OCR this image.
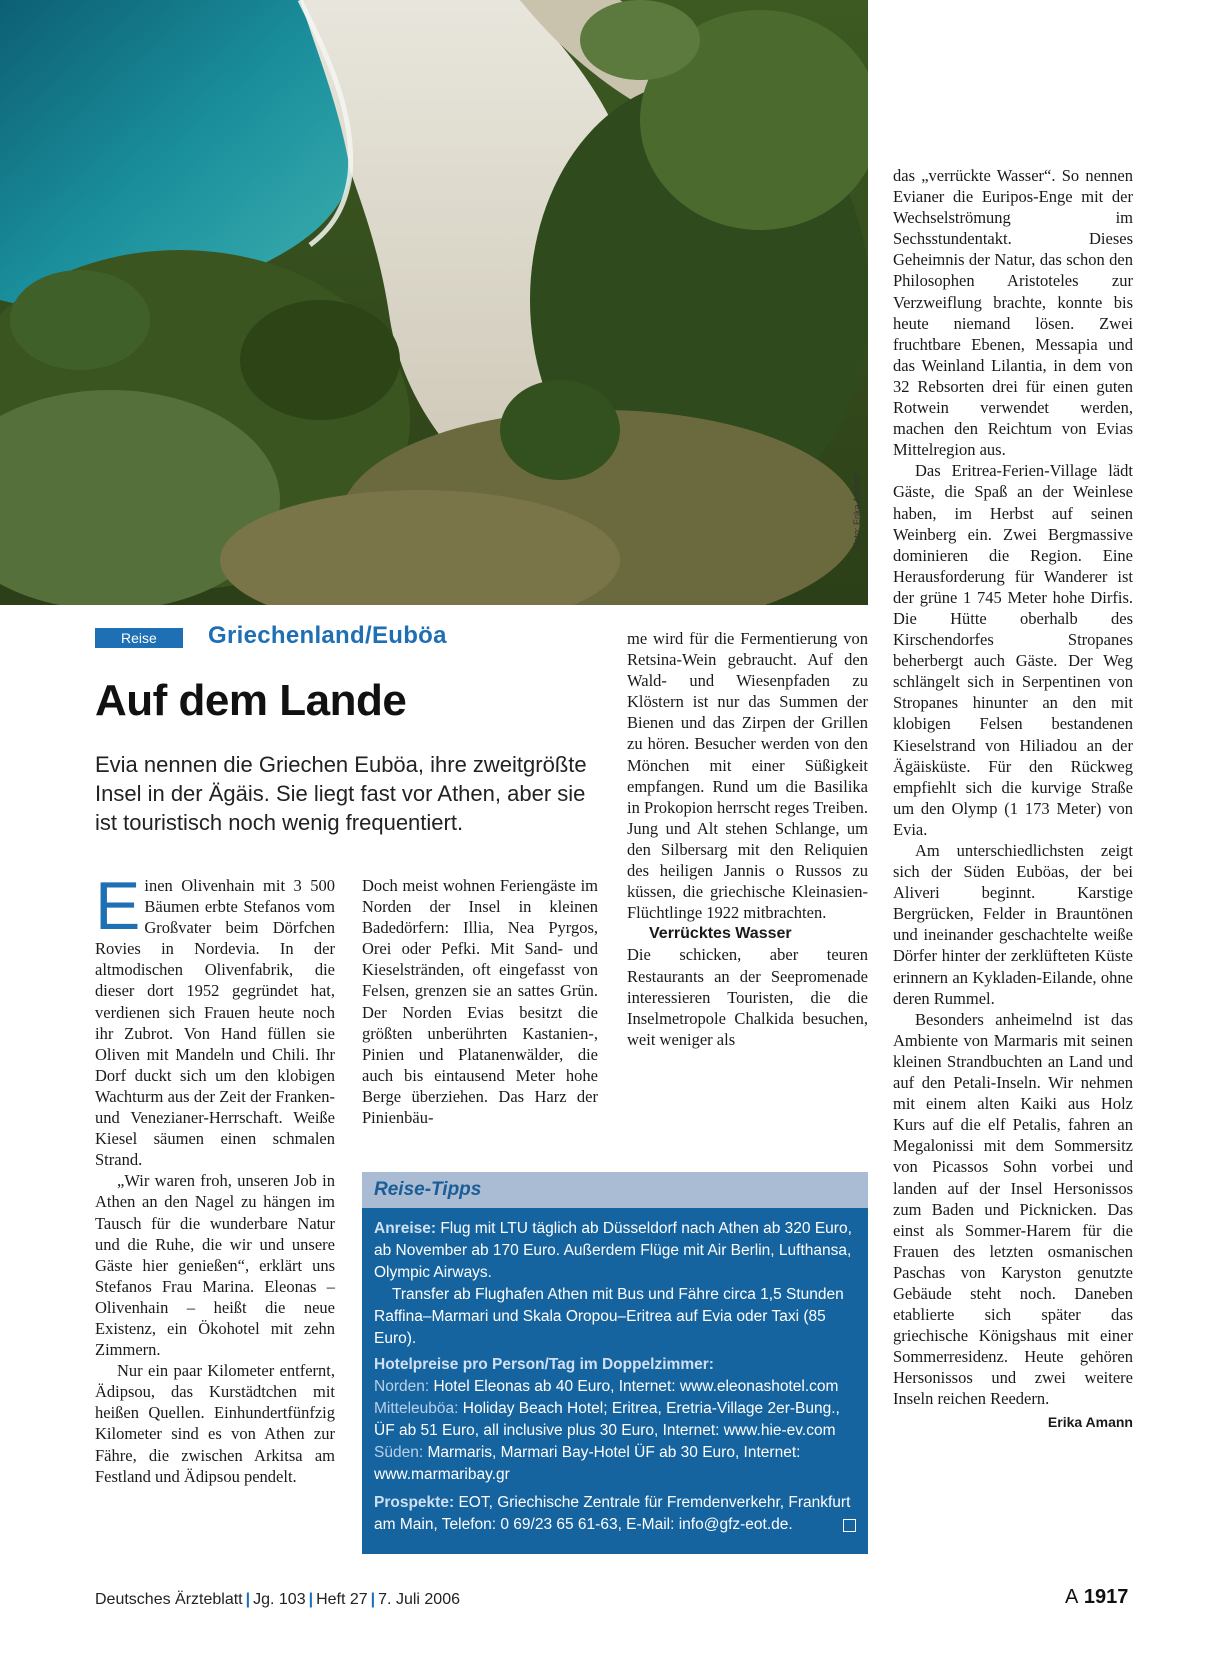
Foto: Erika Amann
Reise	Griechenland/Euböa
Auf dem Lande
Evia nennen die Griechen Euböa, ihre zweitgrößte Insel in der Ägäis. Sie liegt fast vor Athen, aber sie ist touristisch noch wenig frequentiert.

Einen Olivenhain mit 3 500 Bäumen erbte Stefanos vom Großvater beim Dörfchen Rovies in Nordevia. In der altmodischen Olivenfabrik, die dieser dort 1952 gegründet hat, verdienen sich Frauen heute noch ihr Zubrot. Von Hand füllen sie Oliven mit Mandeln und Chili. Ihr Dorf duckt sich um den klobigen Wachturm aus der Zeit der Franken- und Venezianer-Herrschaft. Weiße Kiesel säumen einen schmalen Strand.

„Wir waren froh, unseren Job in Athen an den Nagel zu hängen im Tausch für die wunderbare Natur und die Ruhe, die wir und unsere Gäste hier genießen“, erklärt uns Stefanos Frau Marina. Eleonas – Olivenhain – heißt die neue Existenz, ein Ökohotel mit zehn Zimmern.

Nur ein paar Kilometer entfernt, Ädipsou, das Kurstädtchen mit heißen Quellen. Einhundertfünfzig Kilometer sind es von Athen zur Fähre, die zwischen Arkitsa am Festland und Ädipsou pendelt.

Doch meist wohnen Feriengäste im Norden der Insel in kleinen Badedörfern: Illia, Nea Pyrgos, Orei oder Pefki. Mit Sand- und Kieselstränden, oft eingefasst von Felsen, grenzen sie an sattes Grün. Der Norden Evias besitzt die größten unberührten Kastanien-, Pinien und Platanenwälder, die auch bis eintausend Meter hohe Berge überziehen. Das Harz der Pinienbäu-

me wird für die Fermentierung von Retsina-Wein gebraucht. Auf den Wald- und Wiesenpfaden zu Klöstern ist nur das Summen der Bienen und das Zirpen der Grillen zu hören. Besucher werden von den Mönchen mit einer Süßigkeit empfangen. Rund um die Basilika in Prokopion herrscht reges Treiben. Jung und Alt stehen Schlange, um den Silbersarg mit den Reliquien des heiligen Jannis o Russos zu küssen, die griechische Kleinasien-Flüchtlinge 1922 mitbrachten.

Verrücktes Wasser

Die schicken, aber teuren Restaurants an der Seepromenade interessieren Touristen, die die Inselmetropole Chalkida besuchen, weit weniger als

das „verrückte Wasser“. So nennen Evianer die Euripos-Enge mit der Wechselströmung im Sechsstundentakt. Dieses Geheimnis der Natur, das schon den Philosophen Aristoteles zur Verzweiflung brachte, konnte bis heute niemand lösen. Zwei fruchtbare Ebenen, Messapia und das Weinland Lilantia, in dem von 32 Rebsorten drei für einen guten Rotwein verwendet werden, machen den Reichtum von Evias Mittelregion aus.

Das Eritrea-Ferien-Village lädt Gäste, die Spaß an der Weinlese haben, im Herbst auf seinen Weinberg ein. Zwei Bergmassive dominieren die Region. Eine Herausforderung für Wanderer ist der grüne 1 745 Meter hohe Dirfis. Die Hütte oberhalb des Kirschendorfes Stropanes beherbergt auch Gäste. Der Weg schlängelt sich in Serpentinen von Stropanes hinunter an den mit klobigen Felsen bestandenen Kieselstrand von Hiliadou an der Ägäisküste. Für den Rückweg empfiehlt sich die kurvige Straße um den Olymp (1 173 Meter) von Evia.

Am unterschiedlichsten zeigt sich der Süden Euböas, der bei Aliveri beginnt. Karstige Bergrücken, Felder in Brauntönen und ineinander geschachtelte weiße Dörfer hinter der zerklüfteten Küste erinnern an Kykladen-Eilande, ohne deren Rummel.

Besonders anheimelnd ist das Ambiente von Marmaris mit seinen kleinen Strandbuchten an Land und auf den Petali-Inseln. Wir nehmen mit einem alten Kaiki aus Holz Kurs auf die elf Petalis, fahren an Megalonissi mit dem Sommersitz von Picassos Sohn vorbei und landen auf der Insel Hersonissos zum Baden und Picknicken. Das einst als Sommer-Harem für die Frauen des letzten osmanischen Paschas von Karyston genutzte Gebäude steht noch. Daneben etablierte sich später das griechische Königshaus mit einer Sommerresidenz. Heute gehören Hersonissos und zwei weitere Inseln reichen Reedern.
Erika Amann

Reise-Tipps

Anreise: Flug mit LTU täglich ab Düsseldorf nach Athen ab 320 Euro, ab November ab 170 Euro. Außerdem Flüge mit Air Berlin, Lufthansa, Olympic Airways.

Transfer ab Flughafen Athen mit Bus und Fähre circa 1,5 Stunden Raffina–Marmari und Skala Oropou–Eritrea auf Evia oder Taxi (85 Euro).

Hotelpreise pro Person/Tag im Doppelzimmer:

Norden: Hotel Eleonas ab 40 Euro, Internet: www.eleonashotel.com

Mitteleuböa: Holiday Beach Hotel; Eritrea, Eretria-Village 2er-Bung., ÜF ab 51 Euro, all inclusive plus 30 Euro, Internet: www.hie-ev.com

Süden: Marmaris, Marmari Bay-Hotel ÜF ab 30 Euro, Internet: www.marmaribay.gr

Prospekte: EOT, Griechische Zentrale für Fremdenverkehr, Frankfurt am Main, Telefon: 0 69/23 65 61-63, E-Mail: info@gfz-eot.de.

Deutsches Ärzteblatt | Jg. 103 | Heft 27 | 7. Juli 2006	A 1917
